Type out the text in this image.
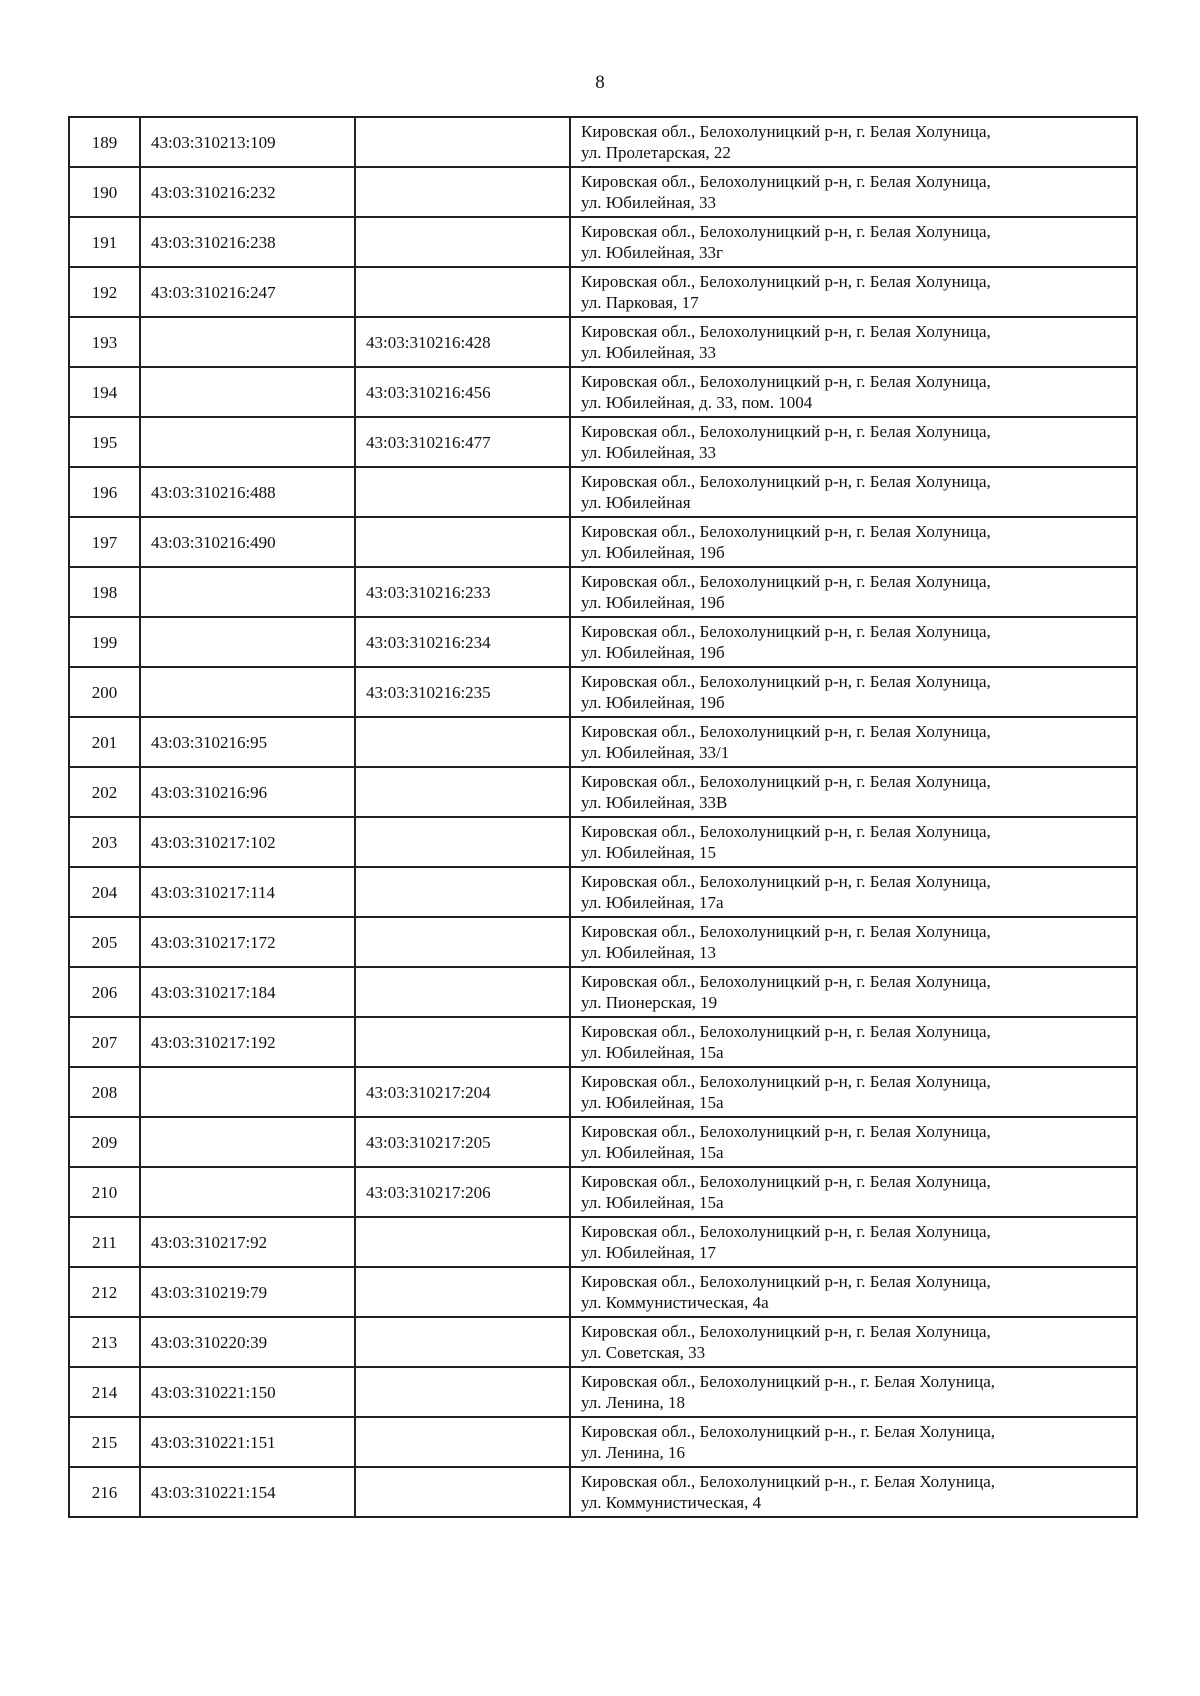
8
189	43:03:310213:109		Кировская обл., Белохолуницкий р-н, г. Белая Холуница,
ул. Пролетарская, 22

190	43:03:310216:232		Кировская обл., Белохолуницкий р-н, г. Белая Холуница,
ул. Юбилейная, 33

191	43:03:310216:238		Кировская обл., Белохолуницкий р-н, г. Белая Холуница,
ул. Юбилейная, 33г

192	43:03:310216:247		Кировская обл., Белохолуницкий р-н, г. Белая Холуница,
ул. Парковая, 17

193		43:03:310216:428	Кировская обл., Белохолуницкий р-н, г. Белая Холуница,
ул. Юбилейная, 33

194		43:03:310216:456	Кировская обл., Белохолуницкий р-н, г. Белая Холуница,
ул. Юбилейная, д. 33, пом. 1004

195		43:03:310216:477	Кировская обл., Белохолуницкий р-н, г. Белая Холуница,
ул. Юбилейная, 33

196	43:03:310216:488		Кировская обл., Белохолуницкий р-н, г. Белая Холуница,
ул. Юбилейная

197	43:03:310216:490		Кировская обл., Белохолуницкий р-н, г. Белая Холуница,
ул. Юбилейная, 19б

198		43:03:310216:233	Кировская обл., Белохолуницкий р-н, г. Белая Холуница,
ул. Юбилейная, 19б

199		43:03:310216:234	Кировская обл., Белохолуницкий р-н, г. Белая Холуница,
ул. Юбилейная, 19б

200		43:03:310216:235	Кировская обл., Белохолуницкий р-н, г. Белая Холуница,
ул. Юбилейная, 19б

201	43:03:310216:95		Кировская обл., Белохолуницкий р-н, г. Белая Холуница,
ул. Юбилейная, 33/1

202	43:03:310216:96		Кировская обл., Белохолуницкий р-н, г. Белая Холуница,
ул. Юбилейная, 33В

203	43:03:310217:102		Кировская обл., Белохолуницкий р-н, г. Белая Холуница,
ул. Юбилейная, 15

204	43:03:310217:114		Кировская обл., Белохолуницкий р-н, г. Белая Холуница,
ул. Юбилейная, 17а

205	43:03:310217:172		Кировская обл., Белохолуницкий р-н, г. Белая Холуница,
ул. Юбилейная, 13

206	43:03:310217:184		Кировская обл., Белохолуницкий р-н, г. Белая Холуница,
ул. Пионерская, 19

207	43:03:310217:192		Кировская обл., Белохолуницкий р-н, г. Белая Холуница,
ул. Юбилейная, 15а

208		43:03:310217:204	Кировская обл., Белохолуницкий р-н, г. Белая Холуница,
ул. Юбилейная, 15а

209		43:03:310217:205	Кировская обл., Белохолуницкий р-н, г. Белая Холуница,
ул. Юбилейная, 15а

210		43:03:310217:206	Кировская обл., Белохолуницкий р-н, г. Белая Холуница,
ул. Юбилейная, 15а

211	43:03:310217:92		Кировская обл., Белохолуницкий р-н, г. Белая Холуница,
ул. Юбилейная, 17

212	43:03:310219:79		Кировская обл., Белохолуницкий р-н, г. Белая Холуница,
ул. Коммунистическая, 4а

213	43:03:310220:39		Кировская обл., Белохолуницкий р-н, г. Белая Холуница,
ул. Советская, 33

214	43:03:310221:150		Кировская обл., Белохолуницкий р-н., г. Белая Холуница,
ул. Ленина, 18

215	43:03:310221:151		Кировская обл., Белохолуницкий р-н., г. Белая Холуница,
ул. Ленина, 16

216	43:03:310221:154		Кировская обл., Белохолуницкий р-н., г. Белая Холуница,
ул. Коммунистическая, 4
